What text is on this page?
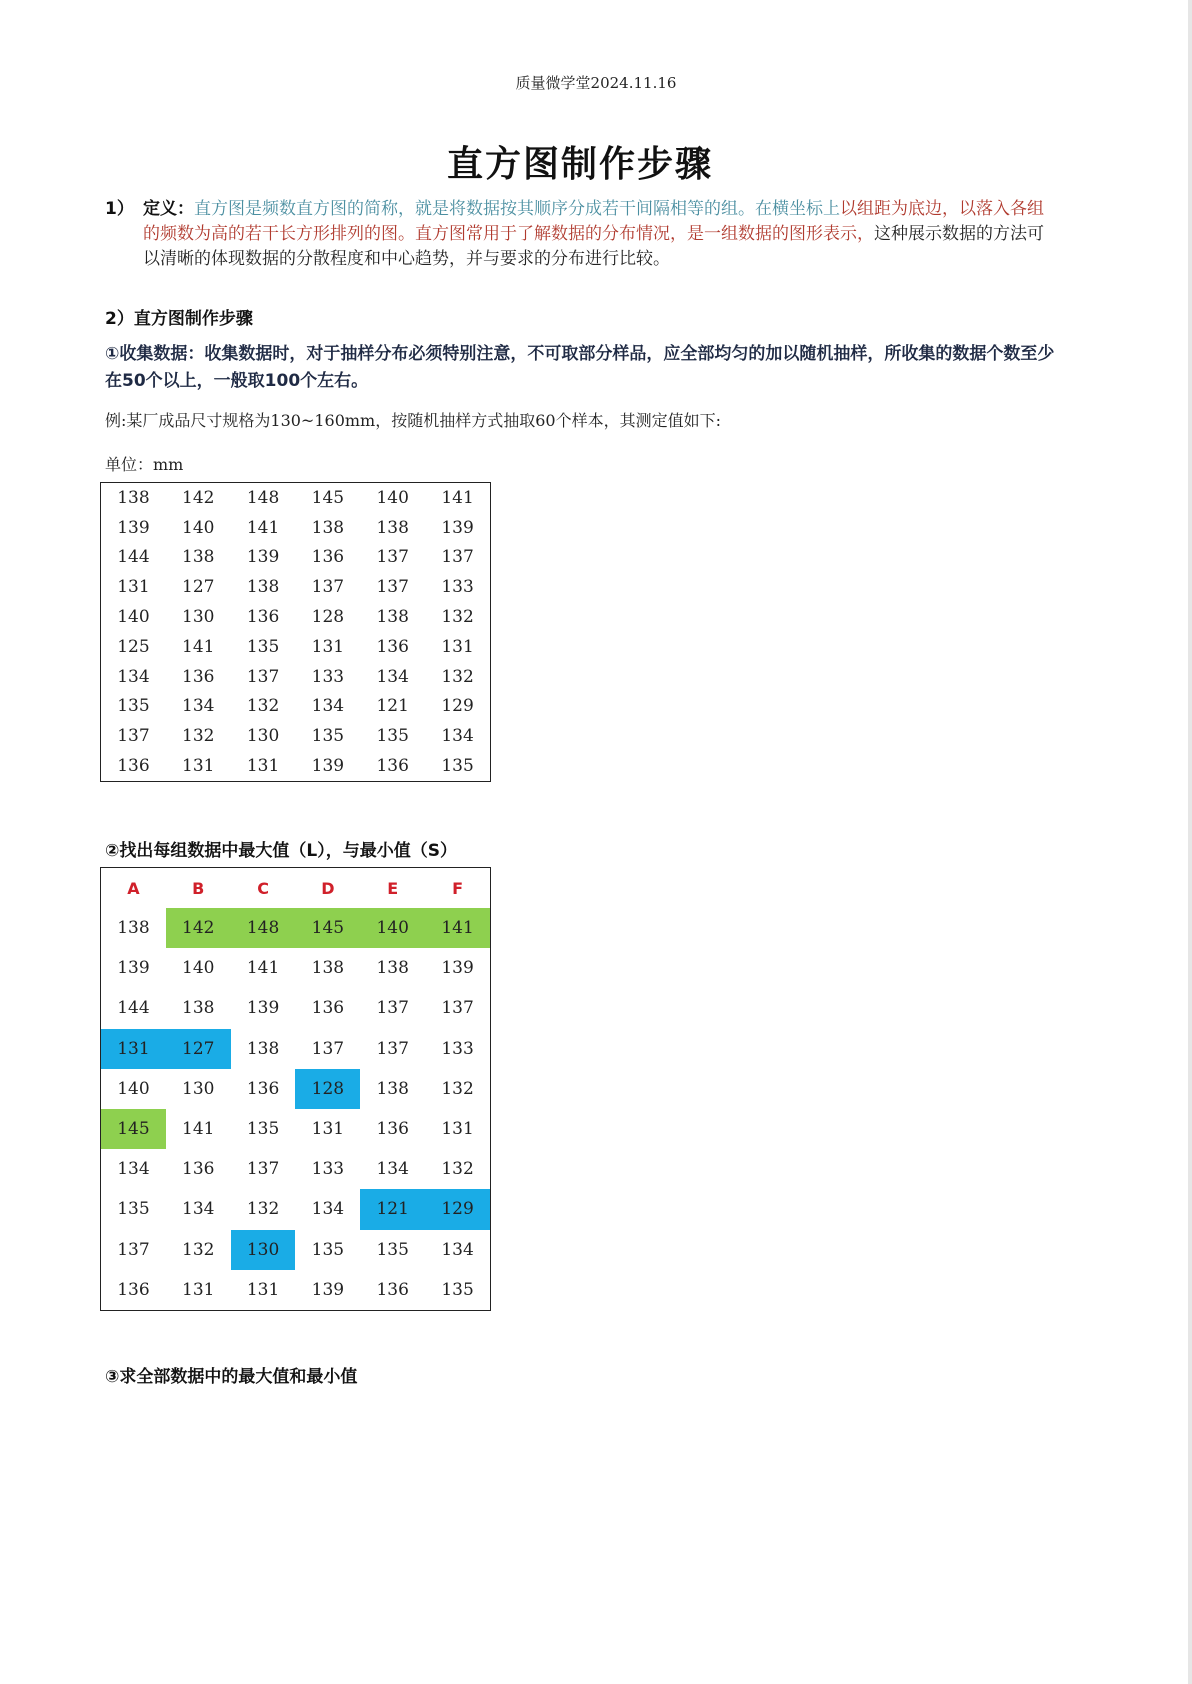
质量微学堂2024.11.16
直方图制作步骤
1） 定义：直方图是频数直方图的简称，就是将数据按其顺序分成若干间隔相等的组。在横坐标上以组距为底边，以落入各组的频数为高的若干长方形排列的图。直方图常用于了解数据的分布情况，是一组数据的图形表示，这种展示数据的方法可以清晰的体现数据的分散程度和中心趋势，并与要求的分布进行比较。
2）直方图制作步骤
①收集数据：收集数据时，对于抽样分布必须特别注意，不可取部分样品，应全部均匀的加以随机抽样，所收集的数据个数至少在50个以上，一般取100个左右。
例:某厂成品尺寸规格为130~160mm，按随机抽样方式抽取60个样本，其测定值如下:
单位：mm
138	142	148	145	140	141
139	140	141	138	138	139
144	138	139	136	137	137
131	127	138	137	137	133
140	130	136	128	138	132
125	141	135	131	136	131
134	136	137	133	134	132
135	134	132	134	121	129
137	132	130	135	135	134
136	131	131	139	136	135
②找出每组数据中最大值（L），与最小值（S）
A	B	C	D	E	F
138	142	148	145	140	141
139	140	141	138	138	139
144	138	139	136	137	137
131	127	138	137	137	133
140	130	136	128	138	132
145	141	135	131	136	131
134	136	137	133	134	132
135	134	132	134	121	129
137	132	130	135	135	134
136	131	131	139	136	135
③求全部数据中的最大值和最小值
